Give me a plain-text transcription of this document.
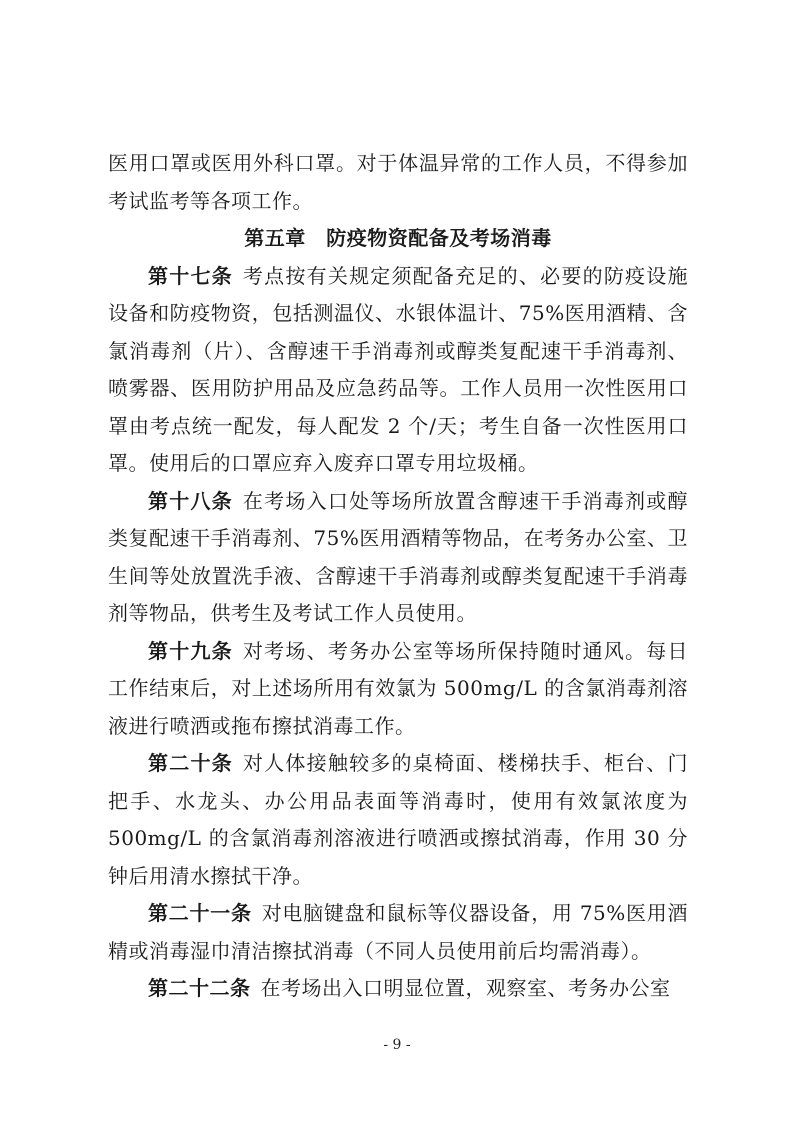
医用口罩或医用外科口罩。对于体温异常的工作人员，不得参加考试监考等各项工作。

第五章　防疫物资配备及考场消毒

第十七条 考点按有关规定须配备充足的、必要的防疫设施设备和防疫物资，包括测温仪、水银体温计、75%医用酒精、含氯消毒剂（片）、含醇速干手消毒剂或醇类复配速干手消毒剂、喷雾器、医用防护用品及应急药品等。工作人员用一次性医用口罩由考点统一配发，每人配发 2 个/天；考生自备一次性医用口罩。使用后的口罩应弃入废弃口罩专用垃圾桶。

第十八条 在考场入口处等场所放置含醇速干手消毒剂或醇类复配速干手消毒剂、75%医用酒精等物品，在考务办公室、卫生间等处放置洗手液、含醇速干手消毒剂或醇类复配速干手消毒剂等物品，供考生及考试工作人员使用。

第十九条 对考场、考务办公室等场所保持随时通风。每日工作结束后，对上述场所用有效氯为 500mg/L 的含氯消毒剂溶液进行喷洒或拖布擦拭消毒工作。

第二十条 对人体接触较多的桌椅面、楼梯扶手、柜台、门把手、水龙头、办公用品表面等消毒时，使用有效氯浓度为500mg/L 的含氯消毒剂溶液进行喷洒或擦拭消毒，作用 30 分钟后用清水擦拭干净。

第二十一条 对电脑键盘和鼠标等仪器设备，用 75%医用酒精或消毒湿巾清洁擦拭消毒（不同人员使用前后均需消毒）。

第二十二条 在考场出入口明显位置，观察室、考务办公室

- 9 -
